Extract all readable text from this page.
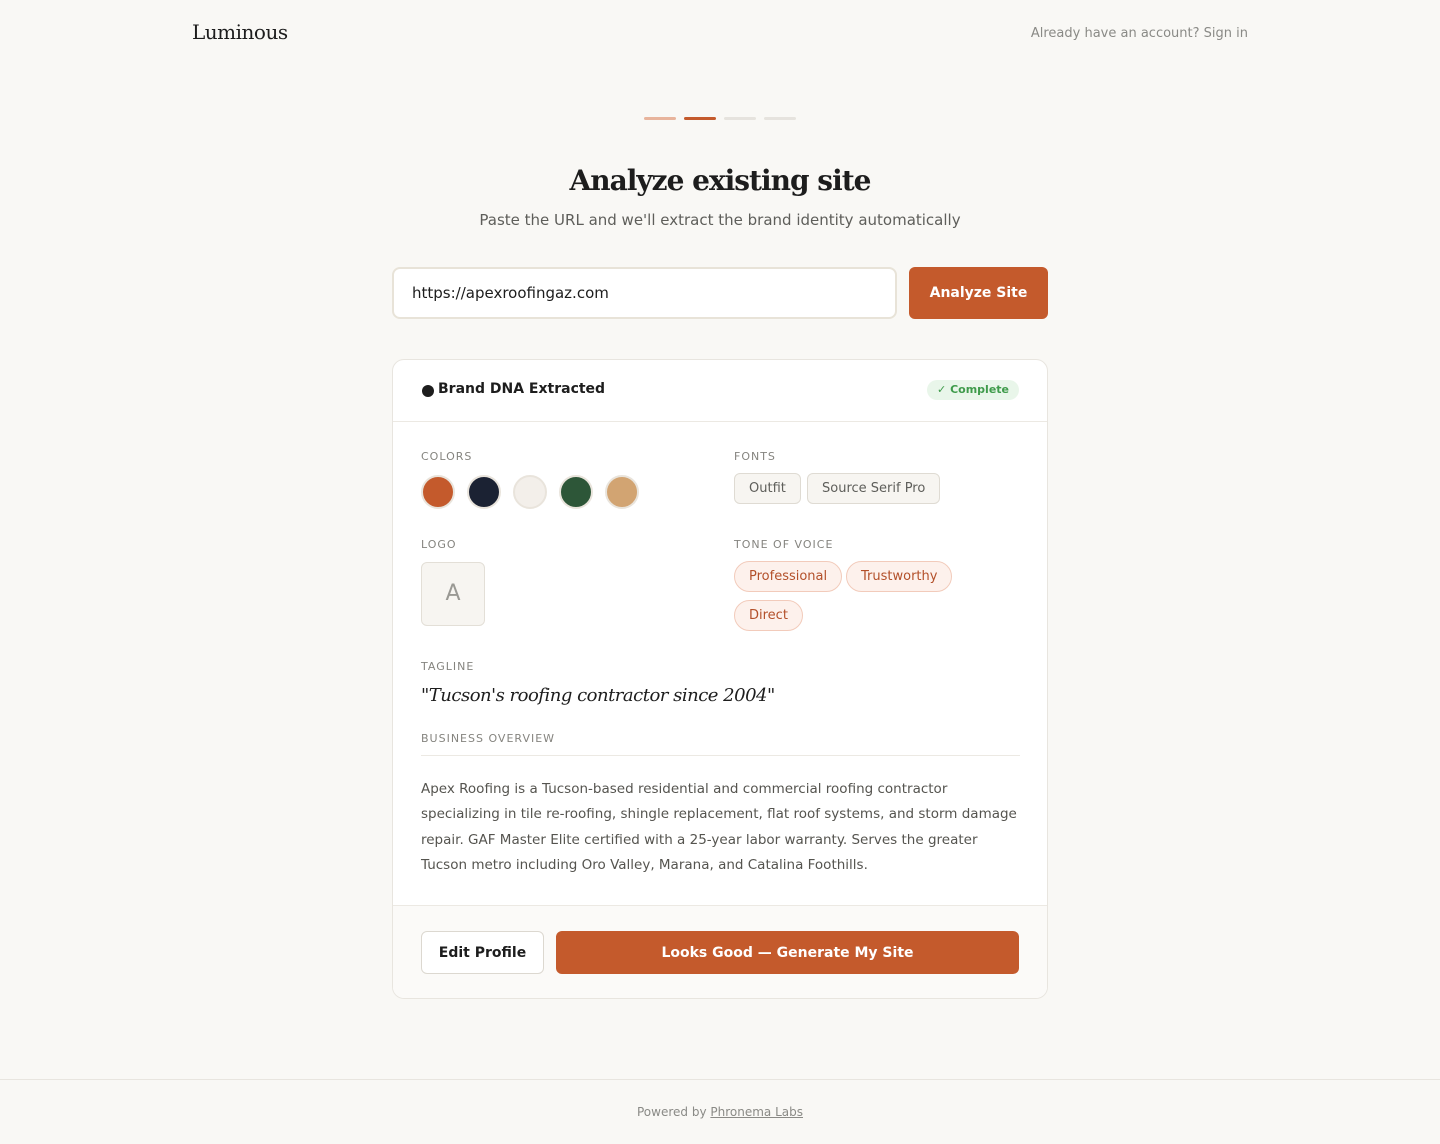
Luminous	Already have an account? Sign in
Analyze existing site

Paste the URL and we'll extract the brand identity automatically

https://apexroofingaz.com
Analyze Site
Brand DNA Extracted	✓ Complete
COLORS	FONTS
Outfit	Source Serif Pro
LOGO
A
TONE OF VOICE
Professional	Trustworthy
Direct
TAGLINE
"Tucson's roofing contractor since 2004"
BUSINESS OVERVIEW

Apex Roofing is a Tucson-based residential and commercial roofing contractor specializing in tile re-roofing, shingle replacement, flat roof systems, and storm damage repair. GAF Master Elite certified with a 25-year labor warranty. Serves the greater Tucson metro including Oro Valley, Marana, and Catalina Foothills.

Edit Profile	Looks Good — Generate My Site
Powered by Phronema Labs
